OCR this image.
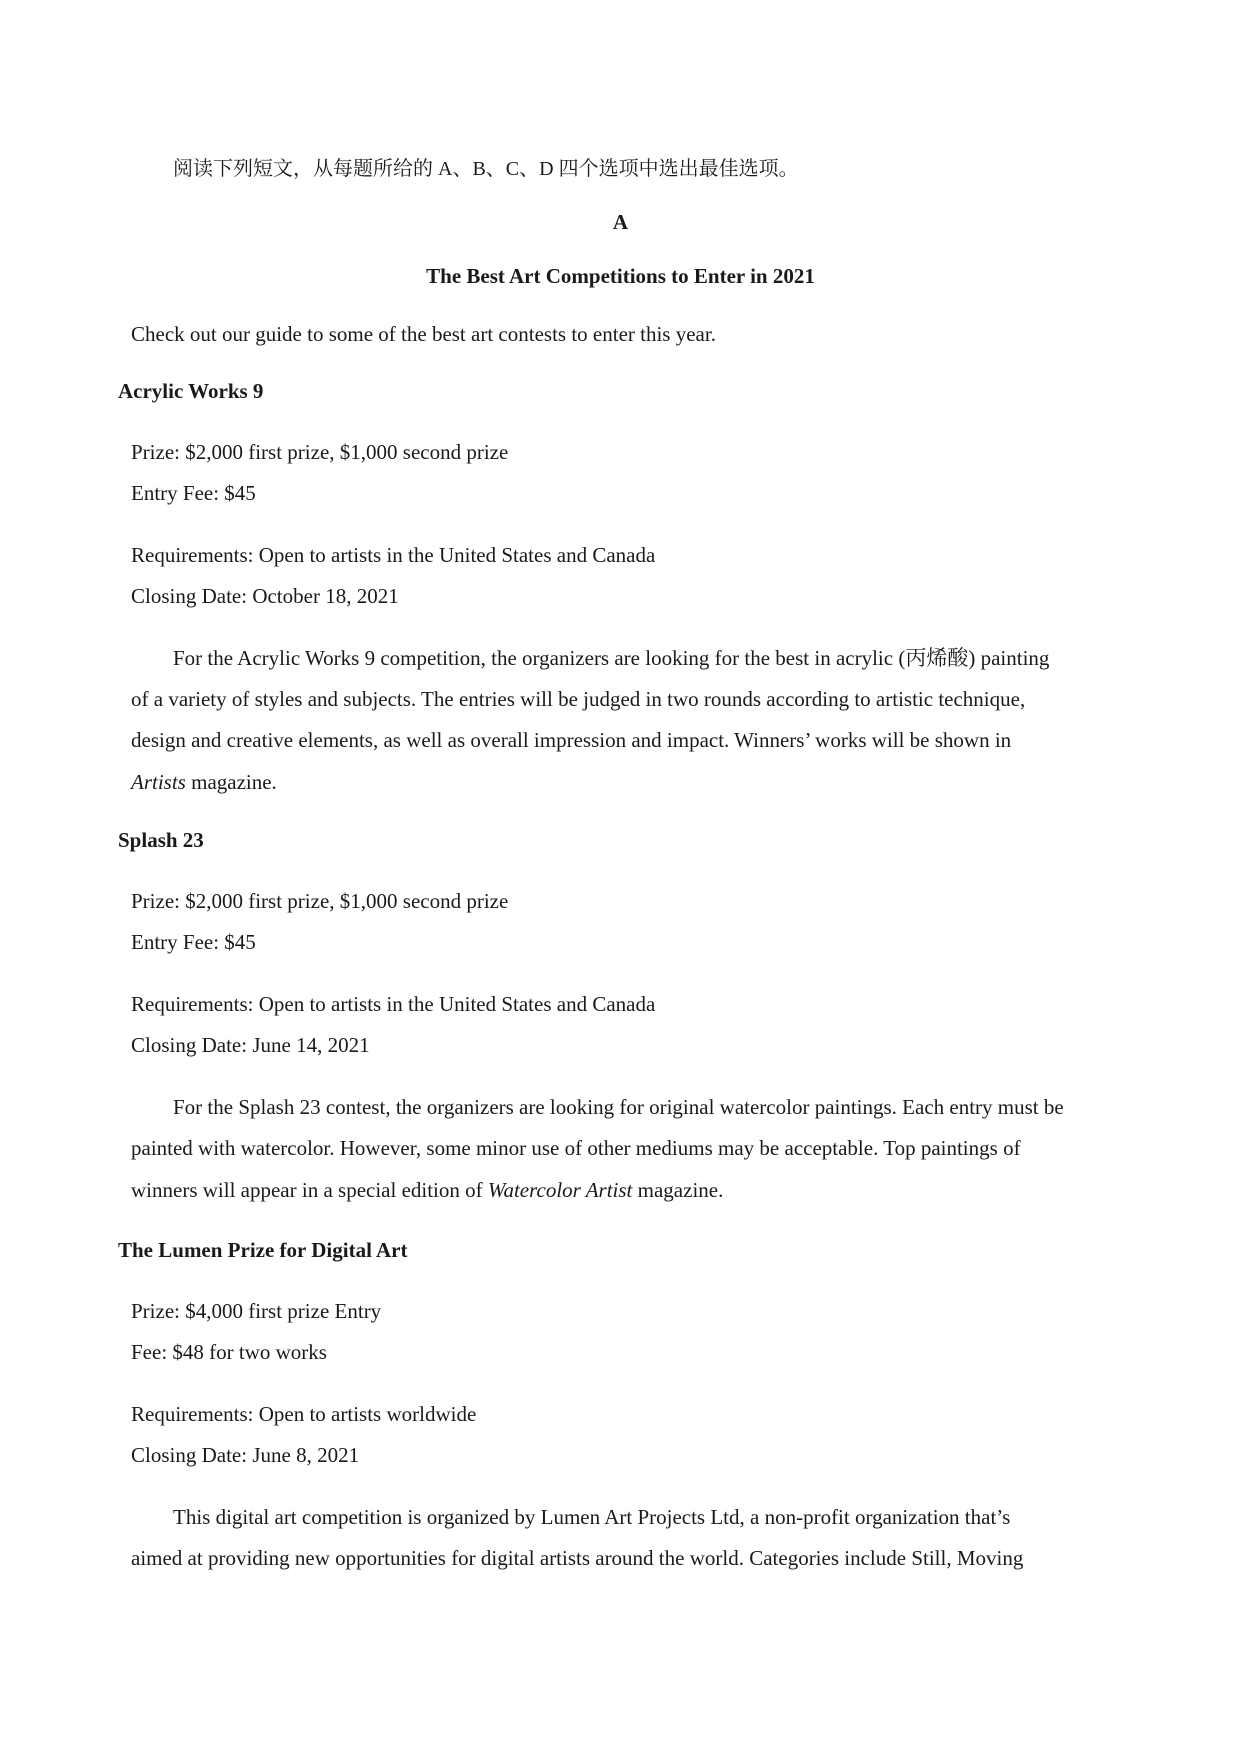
阅读下列短文，从每题所给的 A、B、C、D 四个选项中选出最佳选项。

A

The Best Art Competitions to Enter in 2021

Check out our guide to some of the best art contests to enter this year.

Acrylic Works 9

Prize: $2,000 first prize, $1,000 second prize

Entry Fee: $45

Requirements: Open to artists in the United States and Canada

Closing Date: October 18, 2021

For the Acrylic Works 9 competition, the organizers are looking for the best in acrylic (丙烯酸) painting

of a variety of styles and subjects. The entries will be judged in two rounds according to artistic technique,

design and creative elements, as well as overall impression and impact. Winners’ works will be shown in

Artists magazine.

Splash 23

Prize: $2,000 first prize, $1,000 second prize

Entry Fee: $45

Requirements: Open to artists in the United States and Canada

Closing Date: June 14, 2021

For the Splash 23 contest, the organizers are looking for original watercolor paintings. Each entry must be

painted with watercolor. However, some minor use of other mediums may be acceptable. Top paintings of

winners will appear in a special edition of Watercolor Artist magazine.

The Lumen Prize for Digital Art

Prize: $4,000 first prize Entry

Fee: $48 for two works

Requirements: Open to artists worldwide

Closing Date: June 8, 2021

This digital art competition is organized by Lumen Art Projects Ltd, a non-profit organization that’s

aimed at providing new opportunities for digital artists around the world. Categories include Still, Moving
